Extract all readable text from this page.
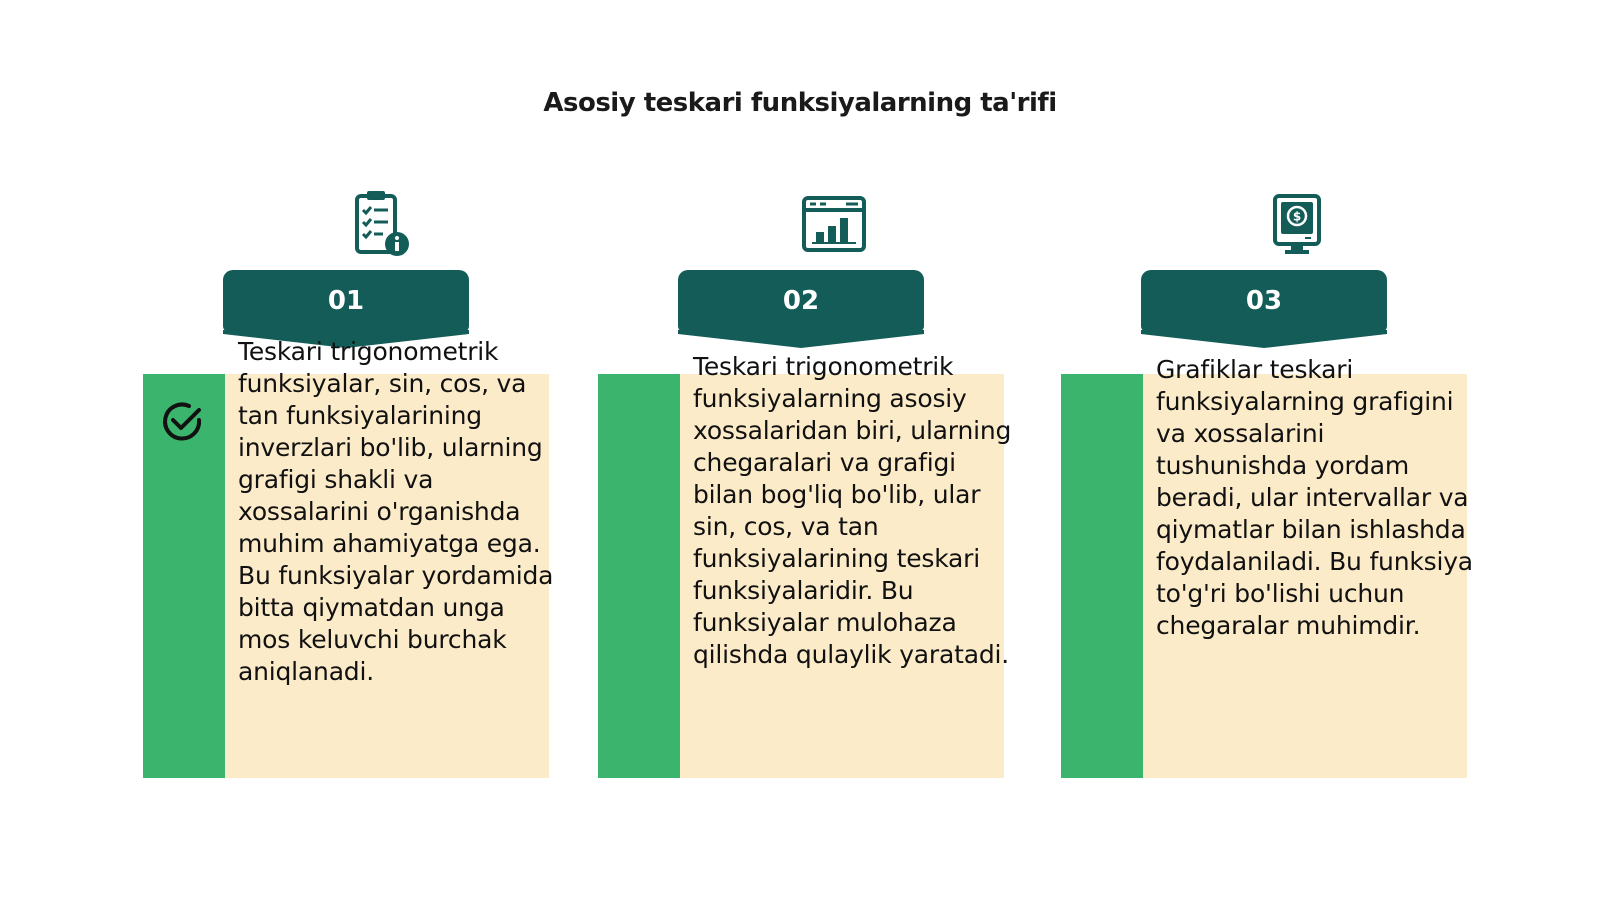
Asosiy teskari funksiyalarning ta'rifi
01

Teskari trigonometrik funksiyalar, sin, cos, va tan funksiyalarining inverzlari bo'lib, ularning grafigi shakli va xossalarini o'rganishda muhim ahamiyatga ega. Bu funksiyalar yordamida bitta qiymatdan unga mos keluvchi burchak aniqlanadi.

02

Teskari trigonometrik funksiyalarning asosiy xossalaridan biri, ularning chegaralari va grafigi bilan bog'liq bo'lib, ular sin, cos, va tan funksiyalarining teskari funksiyalaridir. Bu funksiyalar mulohaza qilishda qulaylik yaratadi.

$
03

Grafiklar teskari funksiyalarning grafigini va xossalarini tushunishda yordam beradi, ular intervallar va qiymatlar bilan ishlashda foydalaniladi. Bu funksiya to'g'ri bo'lishi uchun chegaralar muhimdir.
